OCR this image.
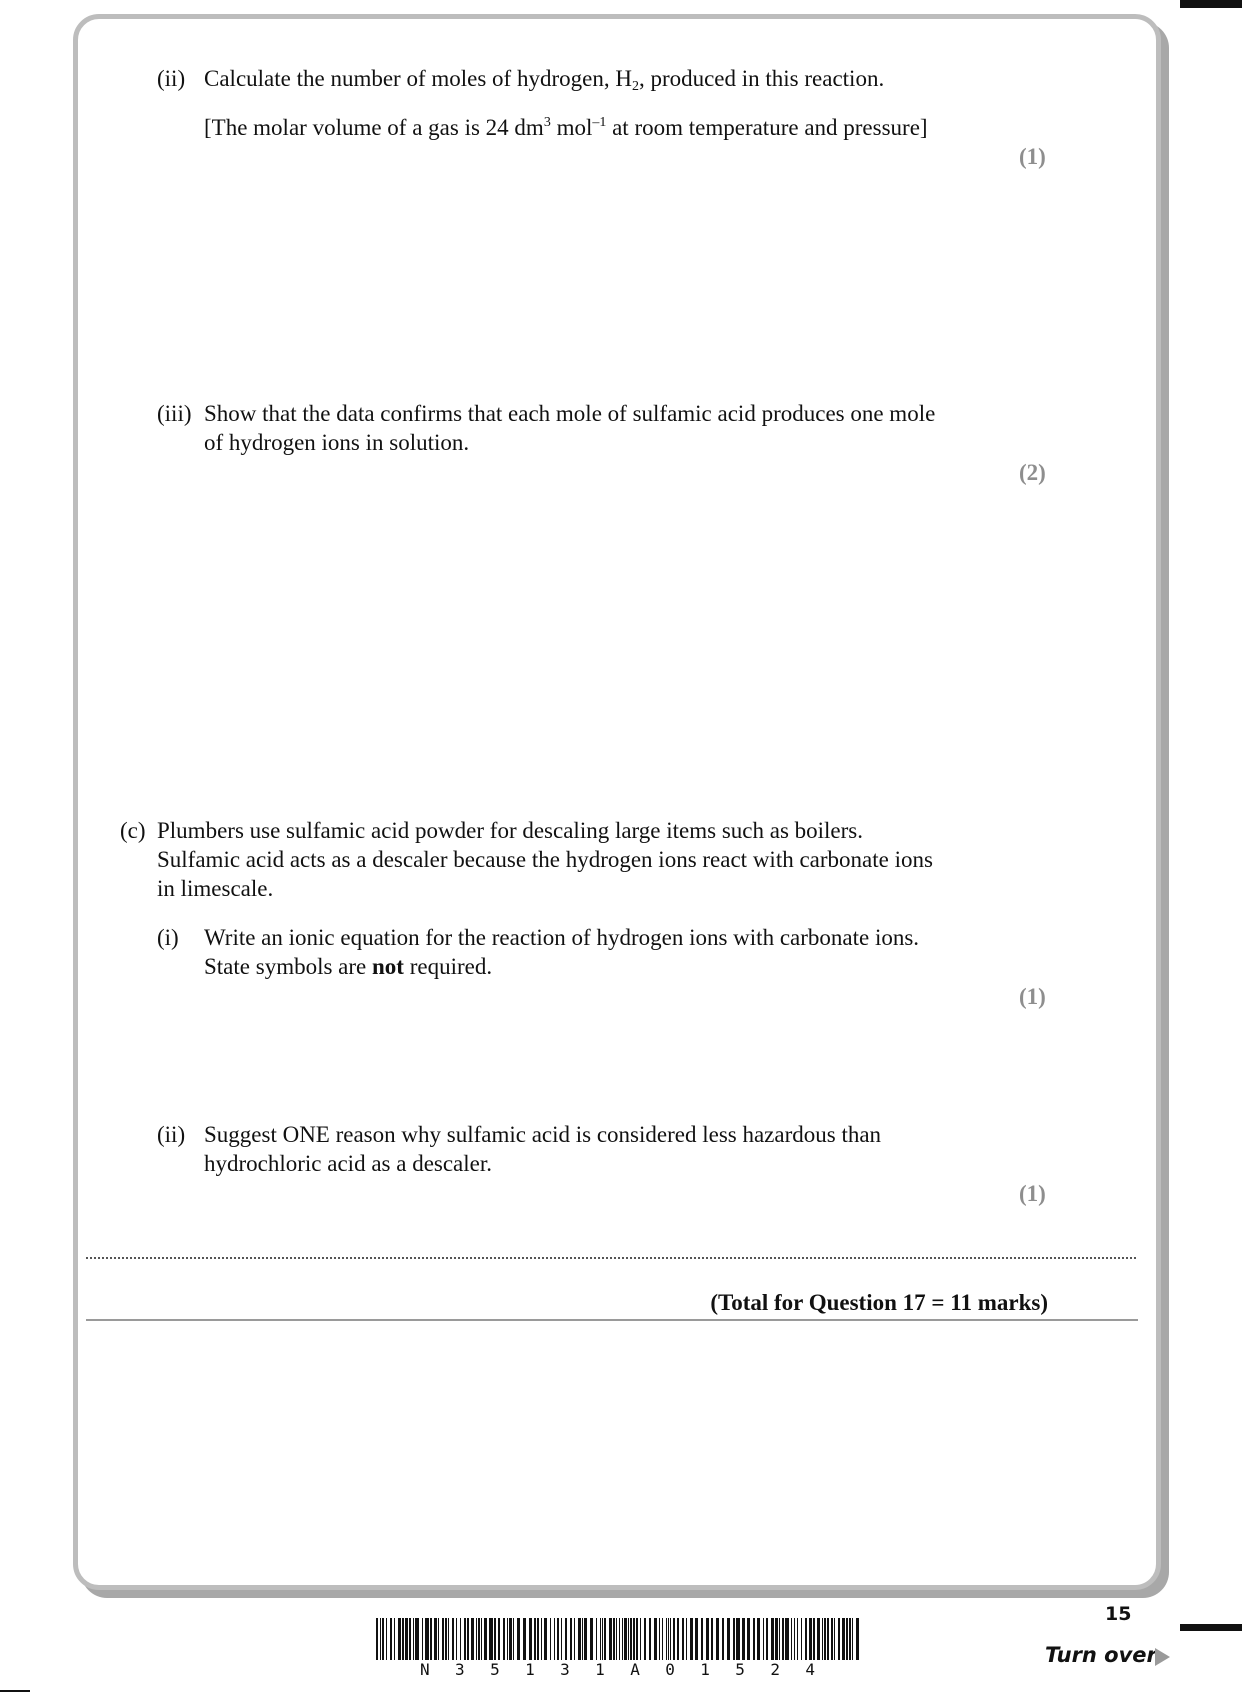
(ii) Calculate the number of moles of hydrogen, $H_2$, produced in this reaction.
[The molar volume of a gas is 24 $dm^3$ mol$^{-1}$ at room temperature and pressure]
(1)
(iii) Show that the data confirms that each mole of sulfamic acid produces one mole
of hydrogen ions in solution.
(2)
(c) Plumbers use sulfamic acid powder for descaling large items such as boilers.
Sulfamic acid acts as a descaler because the hydrogen ions react with carbonate ions
in limescale.
(i) Write an ionic equation for the reaction of hydrogen ions with carbonate ions.
State symbols are not required.
(1)
(ii) Suggest ONE reason why sulfamic acid is considered less hazardous than
hydrochloric acid as a descaler.
(1)
(Total for Question 17 = 11 marks)
15
N 3 5 1 3 1 A 0 1 5 2 4
Turn over
